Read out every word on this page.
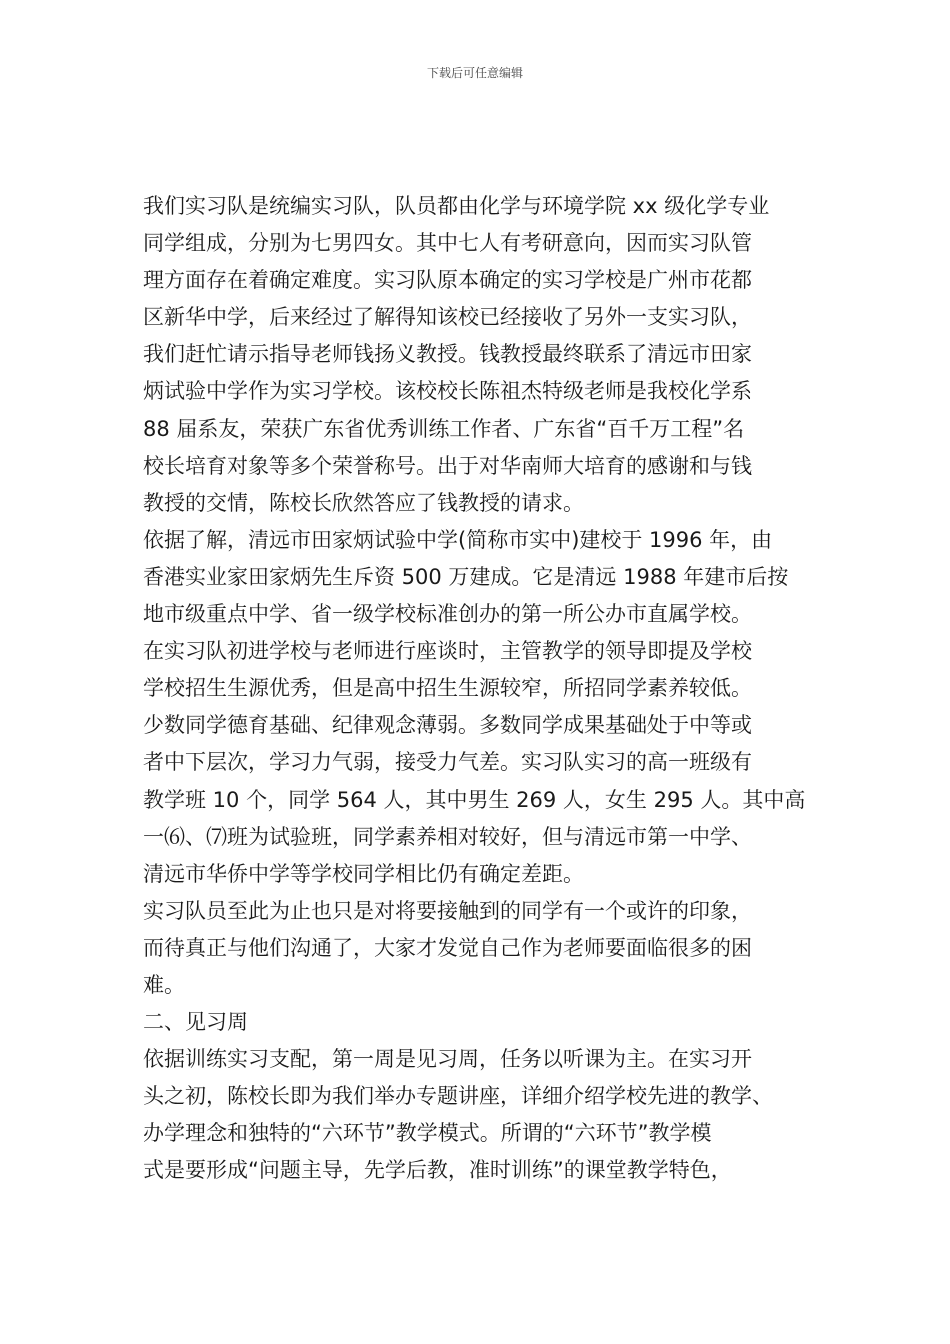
下载后可任意编辑
我们实习队是统编实习队，队员都由化学与环境学院 xx 级化学专业
同学组成，分别为七男四女。其中七人有考研意向，因而实习队管
理方面存在着确定难度。实习队原本确定的实习学校是广州市花都
区新华中学，后来经过了解得知该校已经接收了另外一支实习队，
我们赶忙请示指导老师钱扬义教授。钱教授最终联系了清远市田家
炳试验中学作为实习学校。该校校长陈祖杰特级老师是我校化学系
88 届系友，荣获广东省优秀训练工作者、广东省“百千万工程”名
校长培育对象等多个荣誉称号。出于对华南师大培育的感谢和与钱
教授的交情，陈校长欣然答应了钱教授的请求。
依据了解，清远市田家炳试验中学(简称市实中)建校于 1996 年，由
香港实业家田家炳先生斥资 500 万建成。它是清远 1988 年建市后按
地市级重点中学、省一级学校标准创办的第一所公办市直属学校。
在实习队初进学校与老师进行座谈时，主管教学的领导即提及学校
学校招生生源优秀，但是高中招生生源较窄，所招同学素养较低。
少数同学德育基础、纪律观念薄弱。多数同学成果基础处于中等或
者中下层次，学习力气弱，接受力气差。实习队实习的高一班级有
教学班 10 个，同学 564 人，其中男生 269 人，女生 295 人。其中高
一⑹、⑺班为试验班，同学素养相对较好，但与清远市第一中学、
清远市华侨中学等学校同学相比仍有确定差距。
实习队员至此为止也只是对将要接触到的同学有一个或许的印象，
而待真正与他们沟通了，大家才发觉自己作为老师要面临很多的困
难。
二、见习周
依据训练实习支配，第一周是见习周，任务以听课为主。在实习开
头之初，陈校长即为我们举办专题讲座，详细介绍学校先进的教学、
办学理念和独特的“六环节”教学模式。所谓的“六环节”教学模
式是要形成“问题主导，先学后教，准时训练”的课堂教学特色，
